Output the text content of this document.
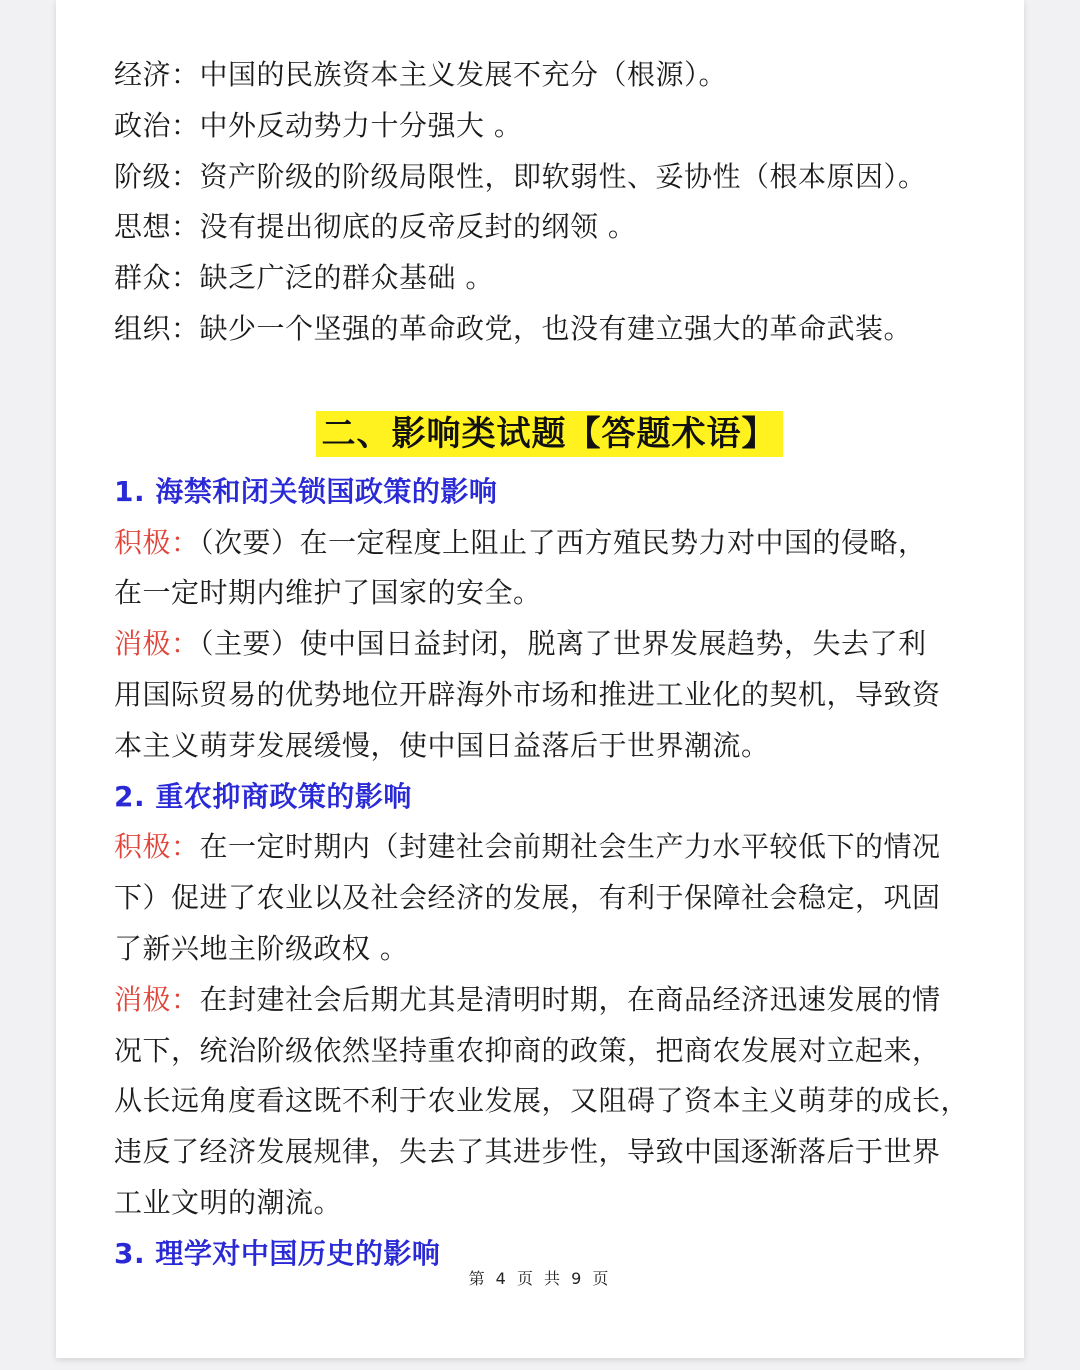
经济：中国的民族资本主义发展不充分（根源）。
政治：中外反动势力十分强大 。
阶级：资产阶级的阶级局限性，即软弱性、妥协性（根本原因）。
思想：没有提出彻底的反帝反封的纲领 。
群众：缺乏广泛的群众基础 。
组织：缺少一个坚强的革命政党，也没有建立强大的革命武装。
二、影响类试题【答题术语】
1. 海禁和闭关锁国政策的影响
积极：（次要）在一定程度上阻止了西方殖民势力对中国的侵略，
在一定时期内维护了国家的安全。
消极：（主要）使中国日益封闭，脱离了世界发展趋势，失去了利
用国际贸易的优势地位开辟海外市场和推进工业化的契机，导致资
本主义萌芽发展缓慢，使中国日益落后于世界潮流。
2. 重农抑商政策的影响
积极：在一定时期内（封建社会前期社会生产力水平较低下的情况
下）促进了农业以及社会经济的发展，有利于保障社会稳定，巩固
了新兴地主阶级政权 。
消极：在封建社会后期尤其是清明时期，在商品经济迅速发展的情
况下，统治阶级依然坚持重农抑商的政策，把商农发展对立起来，
从长远角度看这既不利于农业发展，又阻碍了资本主义萌芽的成长，
违反了经济发展规律，失去了其进步性，导致中国逐渐落后于世界
工业文明的潮流。
3. 理学对中国历史的影响
第 4 页 共 9 页
